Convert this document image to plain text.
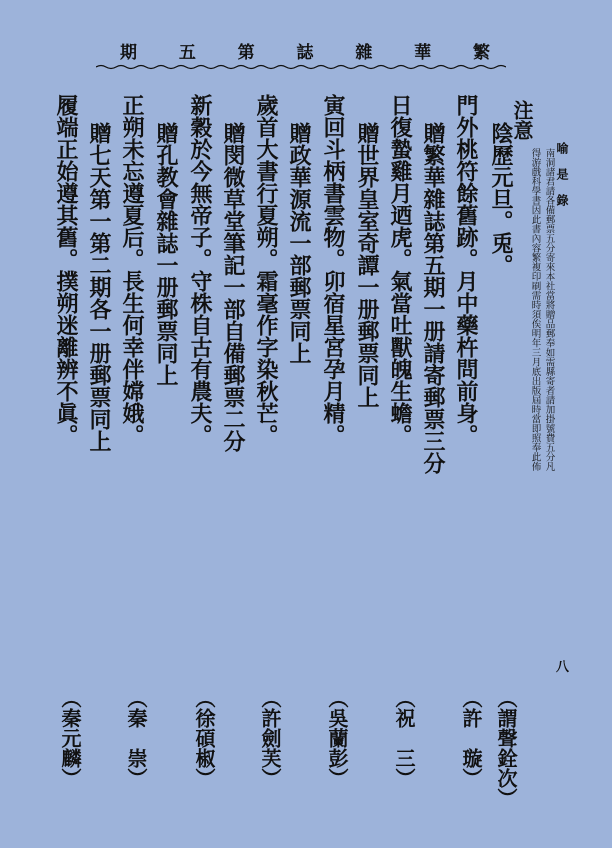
期 五 第 誌 雜 華 繁
喻 是 錄
注意
南洞諸君請各備郵票五分寄來本社當將贈品郵奉如需縣寄者請加掛號費五分凡
得游戲科學書因此書內容繁複印刷需時須俟明年三月底出版屆時當即照奉此佈
陰歷元旦。兎。
門外桃符餘舊跡。月中藥杵問前身。
贈繁華雜誌第五期一册請寄郵票三分
日復蟄雞月迺虎。氣當吐獸魄生蟾。
贈世界皇室奇譚一册郵票同上
寅回斗柄書雲物。卯宿星宮孕月精。
贈政華源流一部郵票同上
歲首大書行夏朔。霜毫作字染秋芒。
贈閔微草堂筆記一部自備郵票二分
新穀於今無帝子。守株自古有農夫。
贈孔教會雜誌一册郵票同上
正朔未忘遵夏后。長生何幸伴嫦娥。
贈七天第一第二期各一册郵票同上
履端正始遵其舊。撲朔迷離辨不眞。
八
（謂聲銓次）
（許　璇）
（祝　三）
（吳蘭彭）
（許劍芙）
（徐碩椒）
（秦　崇）
（秦元麟）
